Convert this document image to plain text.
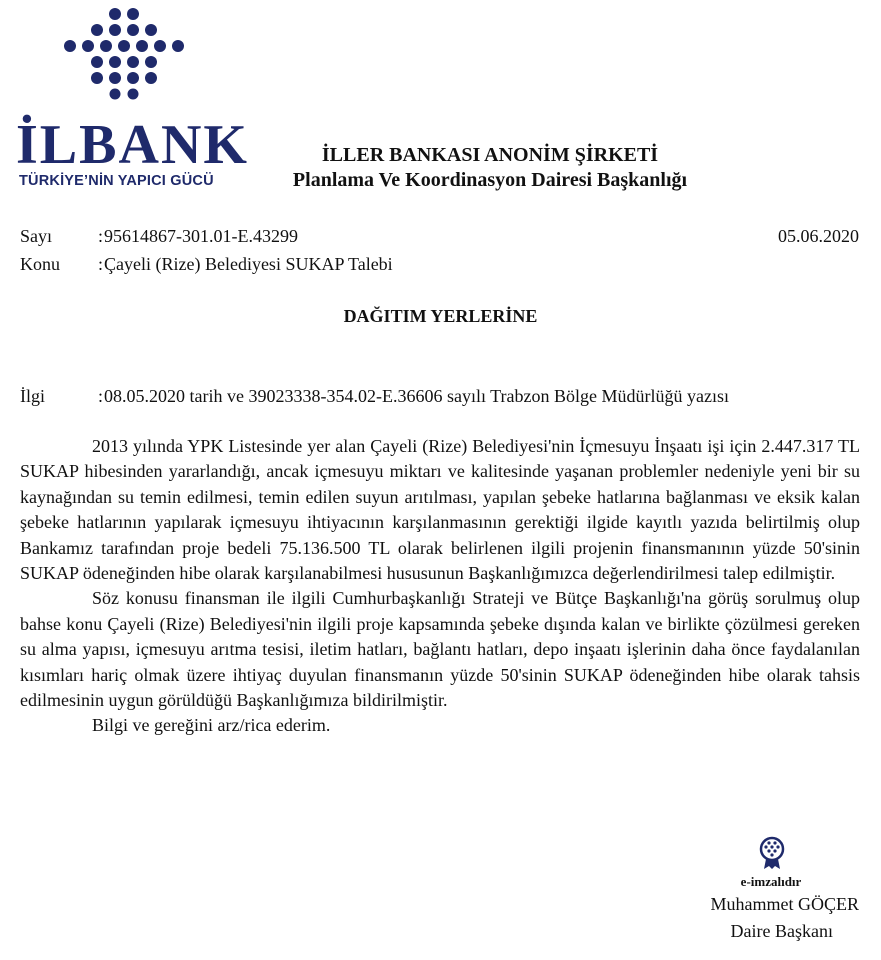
İLBANK
TÜRKİYE’NİN YAPICI GÜCÜ
İLLER BANKASI ANONİM ŞİRKETİ
Planlama Ve Koordinasyon Dairesi Başkanlığı
Sayı	:95614867-301.01-E.43299	05.06.2020
Konu :Çayeli (Rize) Belediyesi SUKAP Talebi
DAĞITIM YERLERİNE
İlgi	:08.05.2020 tarih ve 39023338-354.02-E.36606 sayılı Trabzon Bölge Müdürlüğü yazısı

2013 yılında YPK Listesinde yer alan Çayeli (Rize) Belediyesi'nin İçmesuyu İnşaatı işi için 2.447.317 TL SUKAP hibesinden yararlandığı, ancak içmesuyu miktarı ve kalitesinde yaşanan problemler nedeniyle yeni bir su kaynağından su temin edilmesi, temin edilen suyun arıtılması, yapılan şebeke hatlarına bağlanması ve eksik kalan şebeke hatlarının yapılarak içmesuyu ihtiyacının karşılanmasının gerektiği ilgide kayıtlı yazıda belirtilmiş olup Bankamız tarafından proje bedeli 75.136.500 TL olarak belirlenen ilgili projenin finansmanının yüzde 50'sinin SUKAP ödeneğinden hibe olarak karşılanabilmesi hususunun Başkanlığımızca değerlendirilmesi talep edilmiştir.

Söz konusu finansman ile ilgili Cumhurbaşkanlığı Strateji ve Bütçe Başkanlığı'na görüş sorulmuş olup bahse konu Çayeli (Rize) Belediyesi'nin ilgili proje kapsamında şebeke dışında kalan ve birlikte çözülmesi gereken su alma yapısı, içmesuyu arıtma tesisi, iletim hatları, bağlantı hatları, depo inşaatı işlerinin daha önce faydalanılan kısımları hariç olmak üzere ihtiyaç duyulan finansmanın yüzde 50'sinin SUKAP ödeneğinden hibe olarak tahsis edilmesinin uygun görüldüğü Başkanlığımıza bildirilmiştir.

Bilgi ve gereğini arz/rica ederim.

e-imzalıdır
Muhammet GÖÇER
Daire Başkanı
